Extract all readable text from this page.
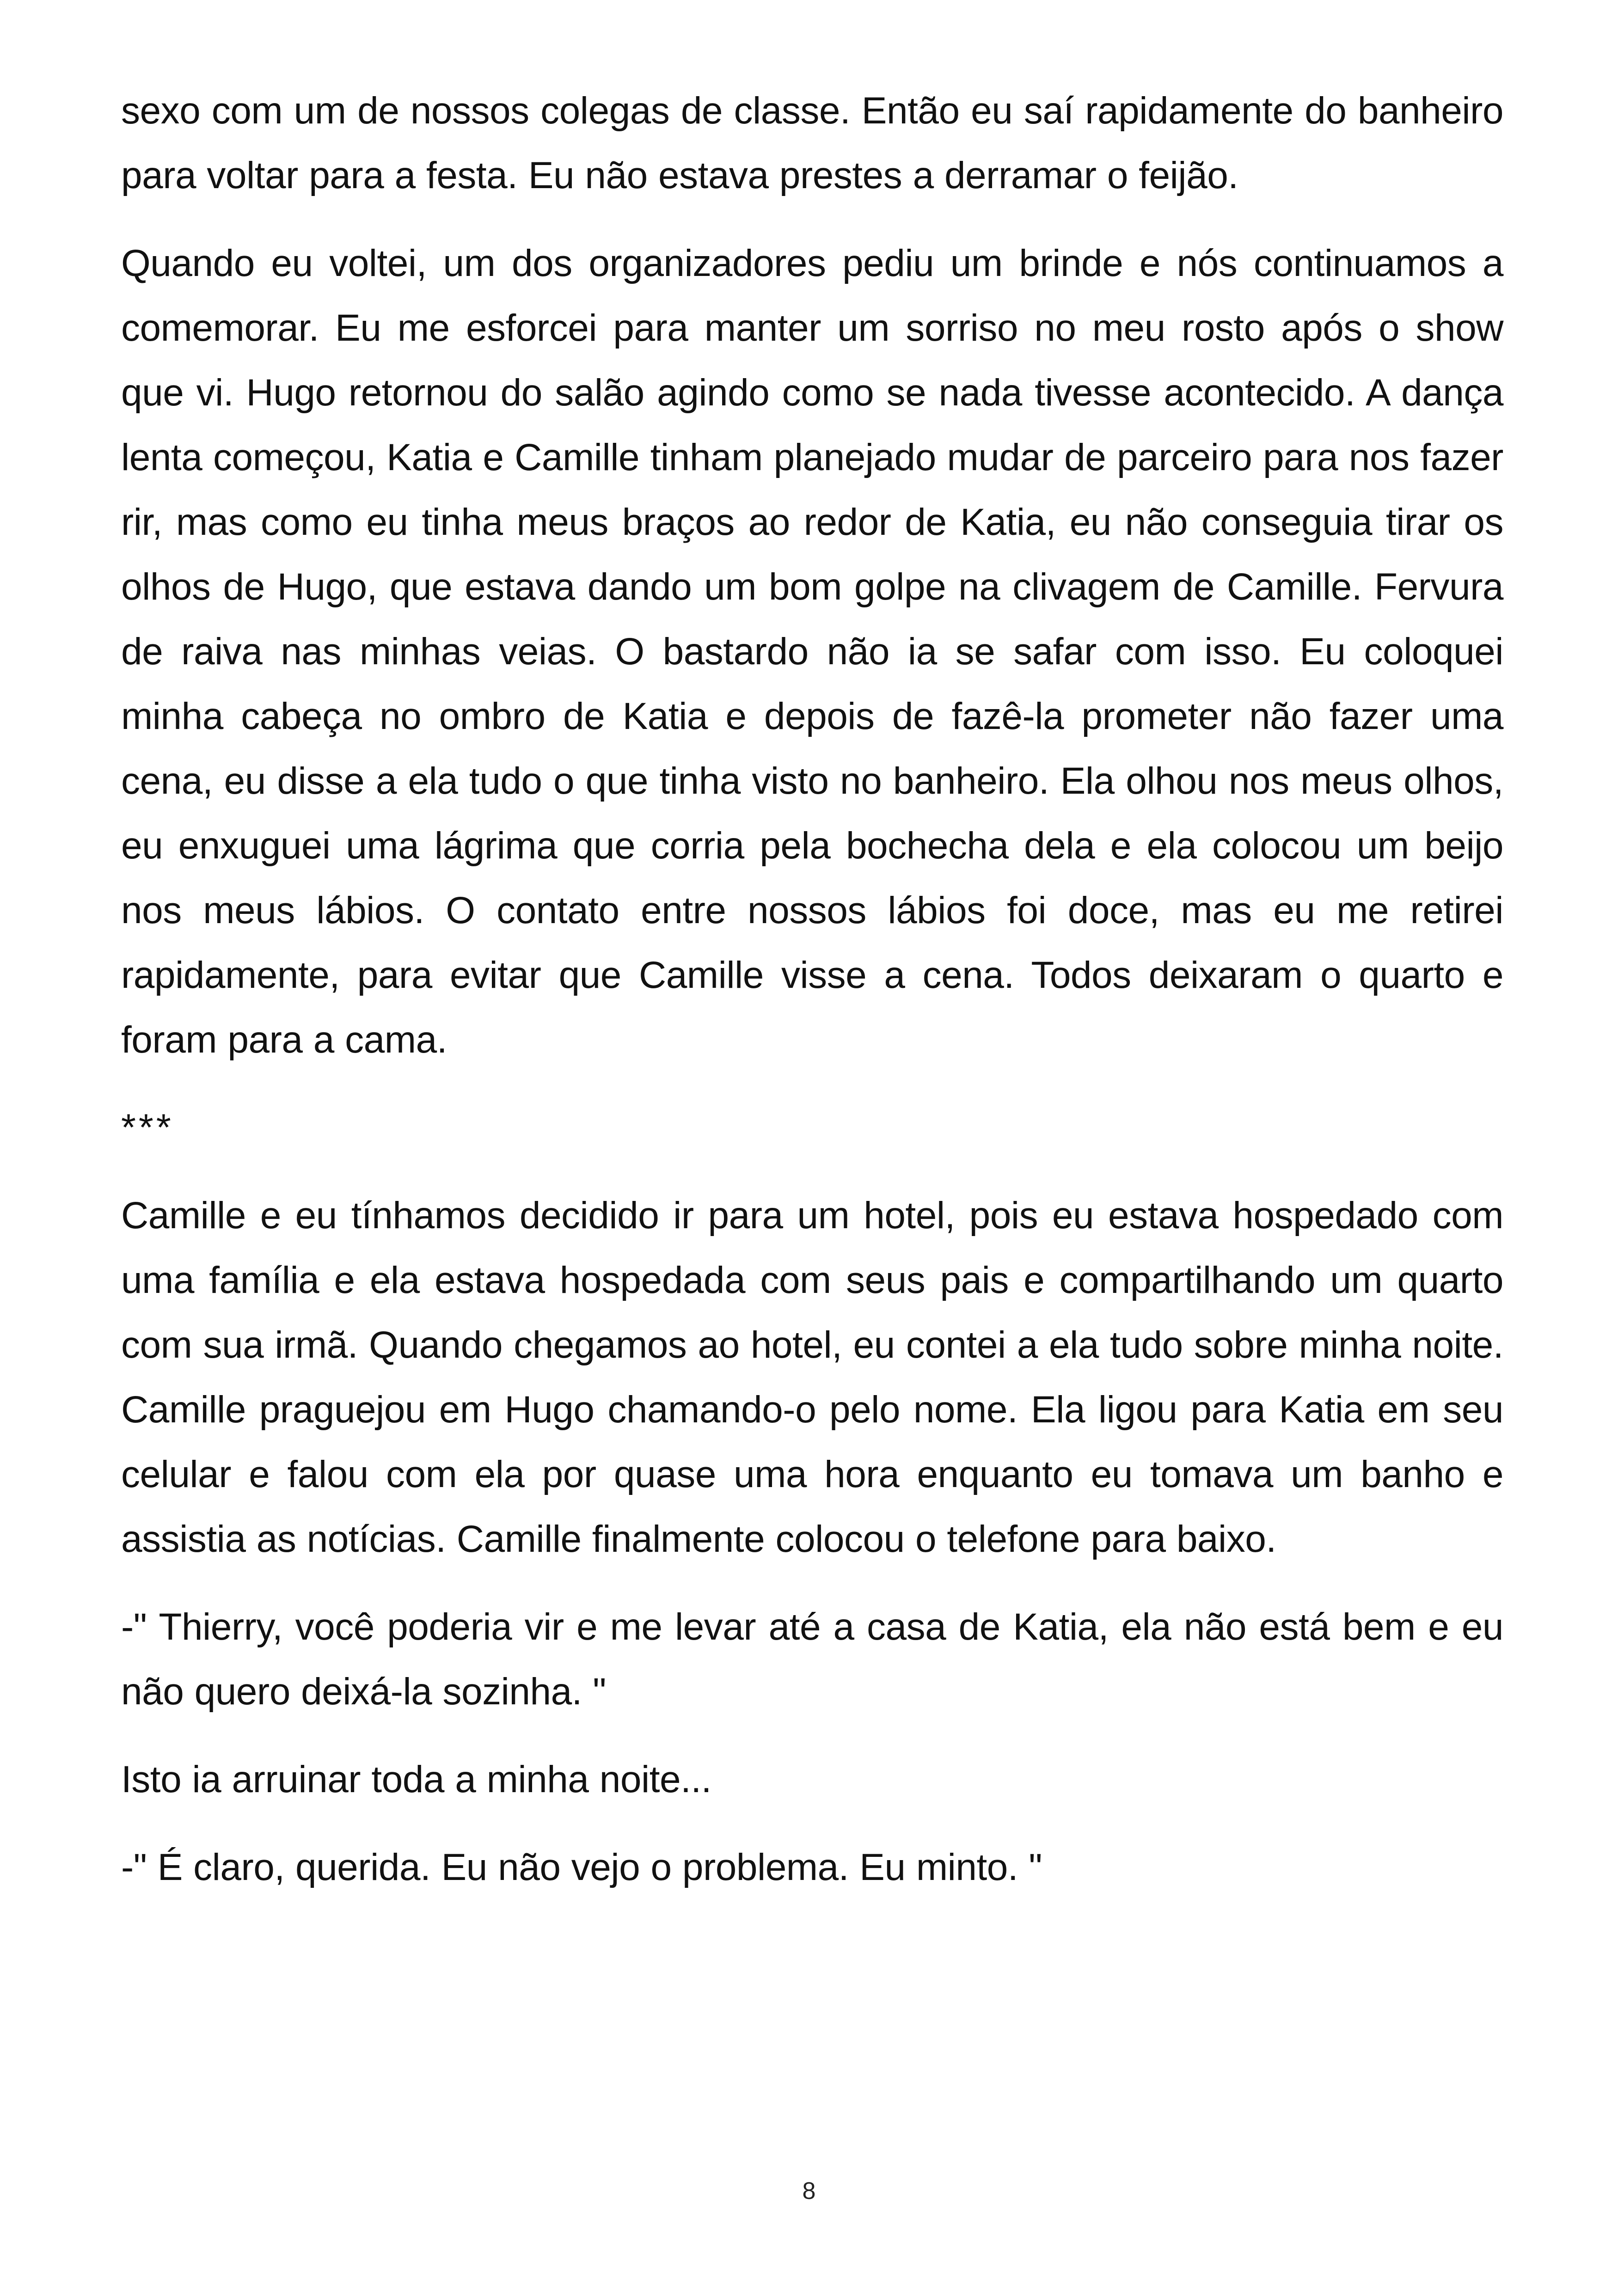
sexo com um de nossos colegas de classe. Então eu saí rapidamente do banheiro para voltar para a festa. Eu não estava prestes a derramar o feijão.

Quando eu voltei, um dos organizadores pediu um brinde e nós continuamos a comemorar. Eu me esforcei para manter um sorriso no meu rosto após o show que vi. Hugo retornou do salão agindo como se nada tivesse acontecido. A dança lenta começou, Katia e Camille tinham planejado mudar de parceiro para nos fazer rir, mas como eu tinha meus braços ao redor de Katia, eu não conseguia tirar os olhos de Hugo, que estava dando um bom golpe na clivagem de Camille. Fervura de raiva nas minhas veias. O bastardo não ia se safar com isso. Eu coloquei minha cabeça no ombro de Katia e depois de fazê-la prometer não fazer uma cena, eu disse a ela tudo o que tinha visto no banheiro. Ela olhou nos meus olhos, eu enxuguei uma lágrima que corria pela bochecha dela e ela colocou um beijo nos meus lábios. O contato entre nossos lábios foi doce, mas eu me retirei rapidamente, para evitar que Camille visse a cena. Todos deixaram o quarto e foram para a cama.

***

Camille e eu tínhamos decidido ir para um hotel, pois eu estava hospedado com uma família e ela estava hospedada com seus pais e compartilhando um quarto com sua irmã. Quando chegamos ao hotel, eu contei a ela tudo sobre minha noite. Camille praguejou em Hugo chamando-o pelo nome. Ela ligou para Katia em seu celular e falou com ela por quase uma hora enquanto eu tomava um banho e assistia as notícias. Camille finalmente colocou o telefone para baixo.

-" Thierry, você poderia vir e me levar até a casa de Katia, ela não está bem e eu não quero deixá-la sozinha. "

Isto ia arruinar toda a minha noite...

-" É claro, querida. Eu não vejo o problema. Eu minto. "

8
